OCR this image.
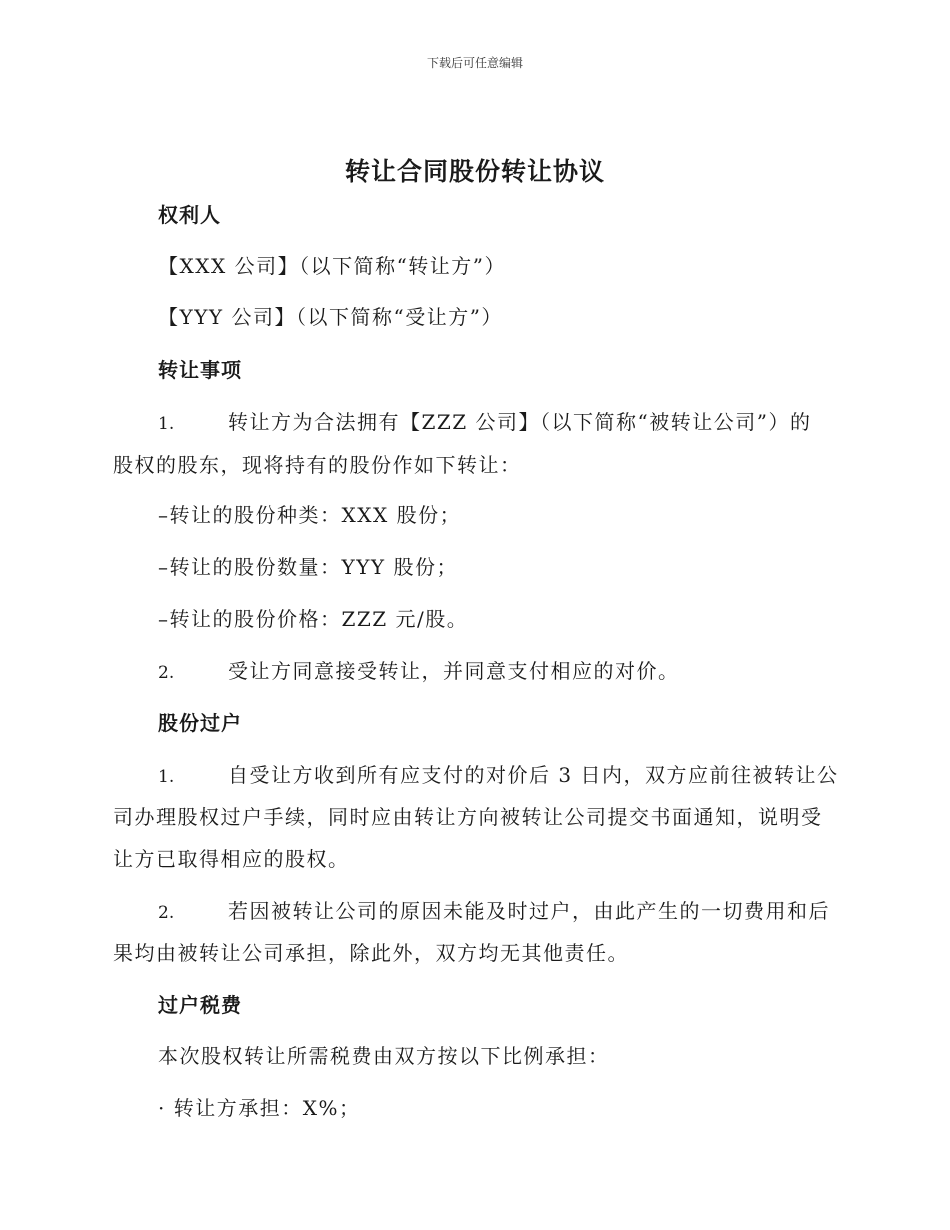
下载后可任意编辑
转让合同股份转让协议
权利人
【XXX 公司】（以下简称“转让方”）
【YYY 公司】（以下简称“受让方”）
转让事项
1.	转让方为合法拥有【ZZZ 公司】（以下简称“被转让公司”）的
股权的股东，现将持有的股份作如下转让：
–转让的股份种类：XXX 股份；
–转让的股份数量：YYY 股份；
–转让的股份价格：ZZZ 元/股。
2.	受让方同意接受转让，并同意支付相应的对价。
股份过户
1.	自受让方收到所有应支付的对价后 3 日内，双方应前往被转让公
司办理股权过户手续，同时应由转让方向被转让公司提交书面通知，说明受
让方已取得相应的股权。
2.	若因被转让公司的原因未能及时过户，由此产生的一切费用和后
果均由被转让公司承担，除此外，双方均无其他责任。
过户税费
本次股权转让所需税费由双方按以下比例承担：
· 转让方承担：X%；
